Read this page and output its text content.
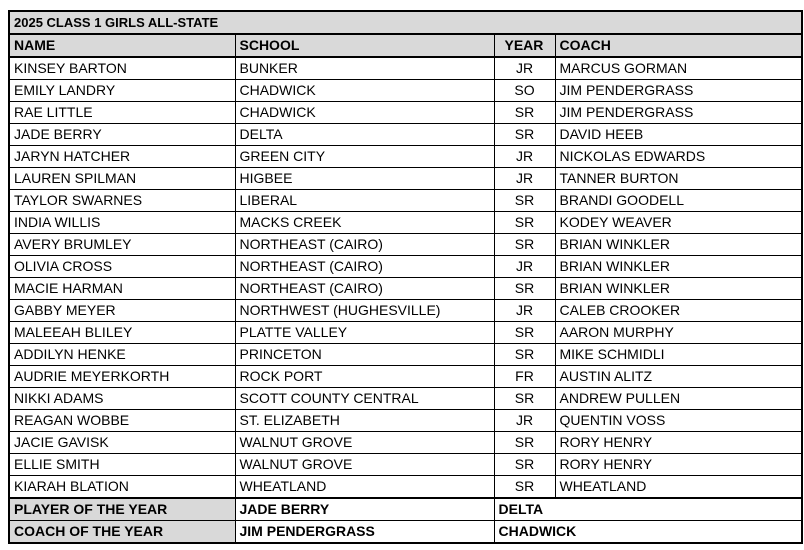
2025 CLASS 1 GIRLS ALL-STATE			
NAME	SCHOOL	YEAR	COACH
KINSEY BARTON	BUNKER	JR	MARCUS GORMAN
EMILY LANDRY	CHADWICK	SO	JIM PENDERGRASS
RAE LITTLE	CHADWICK	SR	JIM PENDERGRASS
JADE BERRY	DELTA	SR	DAVID HEEB
JARYN HATCHER	GREEN CITY	JR	NICKOLAS EDWARDS
LAUREN SPILMAN	HIGBEE	JR	TANNER BURTON
TAYLOR SWARNES	LIBERAL	SR	BRANDI GOODELL
INDIA WILLIS	MACKS CREEK	SR	KODEY WEAVER
AVERY BRUMLEY	NORTHEAST (CAIRO)	SR	BRIAN WINKLER
OLIVIA CROSS	NORTHEAST (CAIRO)	JR	BRIAN WINKLER
MACIE HARMAN	NORTHEAST (CAIRO)	SR	BRIAN WINKLER
GABBY MEYER	NORTHWEST (HUGHESVILLE)	JR	CALEB CROOKER
MALEEAH BLILEY	PLATTE VALLEY	SR	AARON MURPHY
ADDILYN HENKE	PRINCETON	SR	MIKE SCHMIDLI
AUDRIE MEYERKORTH	ROCK PORT	FR	AUSTIN ALITZ
NIKKI ADAMS	SCOTT COUNTY CENTRAL	SR	ANDREW PULLEN
REAGAN WOBBE	ST. ELIZABETH	JR	QUENTIN VOSS
JACIE GAVISK	WALNUT GROVE	SR	RORY HENRY
ELLIE SMITH	WALNUT GROVE	SR	RORY HENRY
KIARAH BLATION	WHEATLAND	SR	WHEATLAND
PLAYER OF THE YEAR	JADE BERRY	DELTA	
COACH OF THE YEAR	JIM PENDERGRASS	CHADWICK	
